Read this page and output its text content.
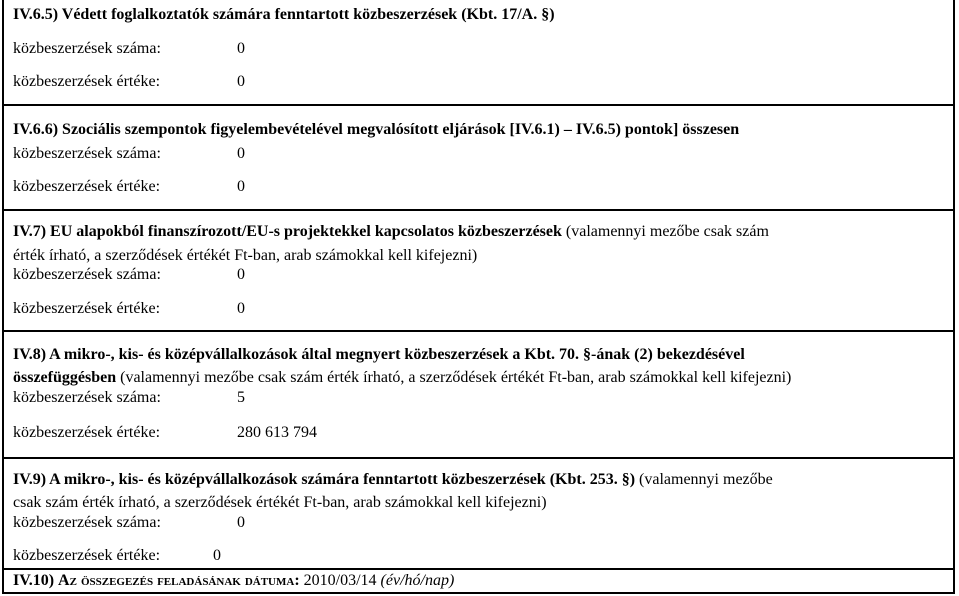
IV.6.5) Védett foglalkoztatók számára fenntartott közbeszerzések (Kbt. 17/A. §)
közbeszerzések száma:	0
közbeszerzések értéke:	0
IV.6.6) Szociális szempontok figyelembevételével megvalósított eljárások [IV.6.1) – IV.6.5) pontok] összesen
közbeszerzések száma:	0
közbeszerzések értéke:	0
IV.7) EU alapokból finanszírozott/EU-s projektekkel kapcsolatos közbeszerzések (valamennyi mezőbe csak szám
érték írható, a szerződések értékét Ft-ban, arab számokkal kell kifejezni)
közbeszerzések száma:	0
közbeszerzések értéke:	0
IV.8) A mikro-, kis- és középvállalkozások által megnyert közbeszerzések a Kbt. 70. §-ának (2) bekezdésével
összefüggésben (valamennyi mezőbe csak szám érték írható, a szerződések értékét Ft-ban, arab számokkal kell kifejezni)
közbeszerzések száma:	5
közbeszerzések értéke:	280 613 794
IV.9) A mikro-, kis- és középvállalkozások számára fenntartott közbeszerzések (Kbt. 253. §) (valamennyi mezőbe
csak szám érték írható, a szerződések értékét Ft-ban, arab számokkal kell kifejezni)
közbeszerzések száma:	0
közbeszerzések értéke:	0
IV.10) Az összegezés feladásának dátuma: 2010/03/14 (év/hó/nap)
